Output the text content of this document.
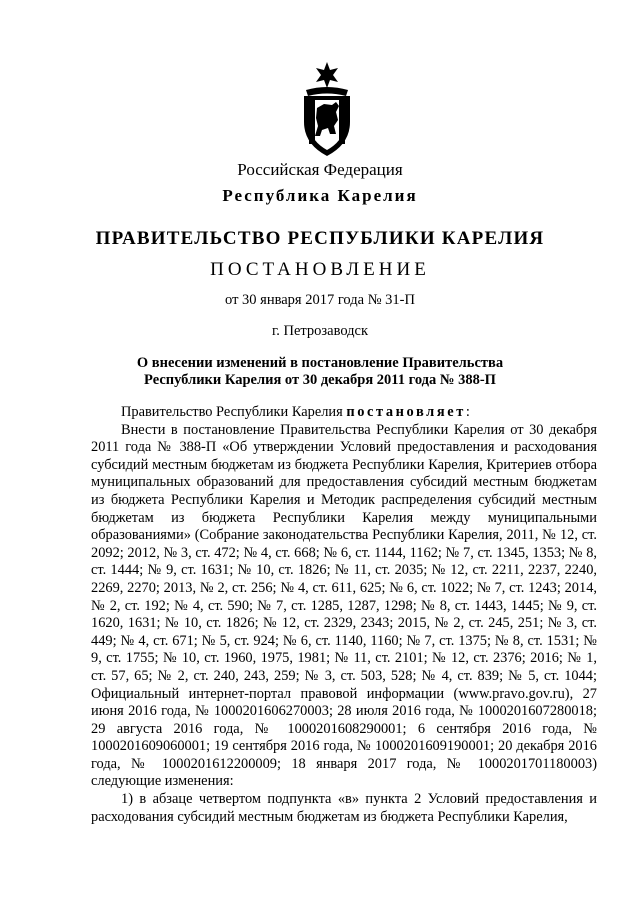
Российская Федерация
Республика Карелия
ПРАВИТЕЛЬСТВО РЕСПУБЛИКИ КАРЕЛИЯ
ПОСТАНОВЛЕНИЕ
от 30 января 2017 года № 31-П
г. Петрозаводск
О внесении изменений в постановление Правительства
Республики Карелия от 30 декабря 2011 года № 388-П

Правительство Республики Карелия постановляет:

Внести в постановление Правительства Республики Карелия от 30 декабря 2011 года № 388-П «Об утверждении Условий предоставления и расходования субсидий местным бюджетам из бюджета Республики Карелия, Критериев отбора муниципальных образований для предоставления субсидий местным бюджетам из бюджета Республики Карелия и Методик распределения субсидий местным бюджетам из бюджета Республики Карелия между муниципальными образованиями» (Собрание законодательства Республики Карелия, 2011, № 12, ст. 2092; 2012, № 3, ст. 472; № 4, ст. 668; № 6, ст. 1144, 1162; № 7, ст. 1345, 1353; № 8, ст. 1444; № 9, ст. 1631; № 10, ст. 1826; № 11, ст. 2035; № 12, ст. 2211, 2237, 2240, 2269, 2270; 2013, № 2, ст. 256; № 4, ст. 611, 625; № 6, ст. 1022; № 7, ст. 1243; 2014, № 2, ст. 192; № 4, ст. 590; № 7, ст. 1285, 1287, 1298; № 8, ст. 1443, 1445; № 9, ст. 1620, 1631; № 10, ст. 1826; № 12, ст. 2329, 2343; 2015, № 2, ст. 245, 251; № 3, ст. 449; № 4, ст. 671; № 5, ст. 924; № 6, ст. 1140, 1160; № 7, ст. 1375; № 8, ст. 1531; № 9, ст. 1755; № 10, ст. 1960, 1975, 1981; № 11, ст. 2101; № 12, ст. 2376; 2016; № 1, ст. 57, 65; № 2, ст. 240, 243, 259; № 3, ст. 503, 528; № 4, ст. 839; № 5, ст. 1044; Официальный интернет-портал правовой информации (www.pravo.gov.ru), 27 июня 2016 года, № 1000201606270003; 28 июля 2016 года, № 1000201607280018; 29 августа 2016 года, № 1000201608290001; 6 сентября 2016 года, № 1000201609060001; 19 сентября 2016 года, № 1000201609190001; 20 декабря 2016 года, № 1000201612200009; 18 января 2017 года, № 1000201701180003) следующие изменения:

1) в абзаце четвертом подпункта «в» пункта 2 Условий предоставления и расходования субсидий местным бюджетам из бюджета Республики Карелия,
